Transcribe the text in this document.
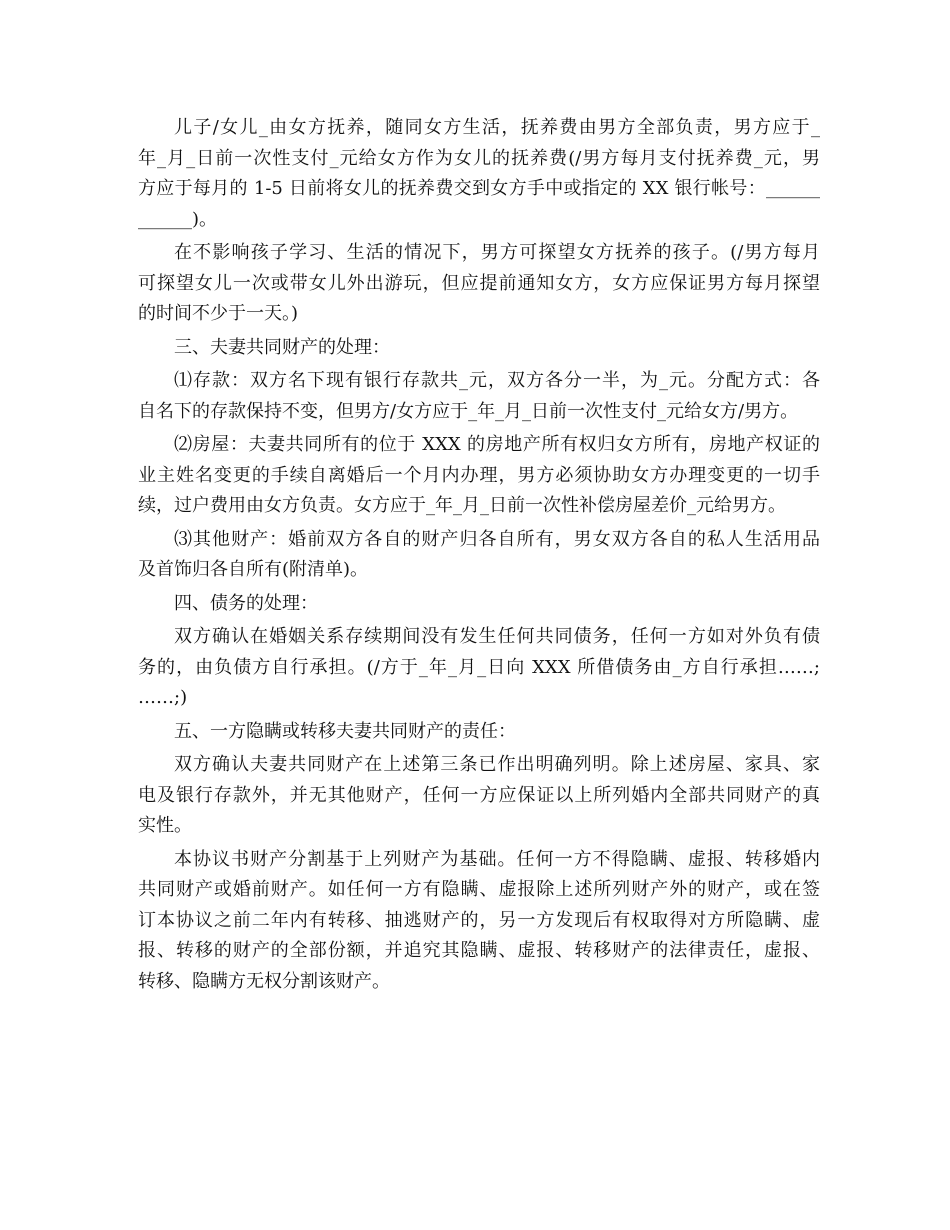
儿子/女儿_由女方抚养，随同女方生活，抚养费由男方全部负责，男方应于_
年_月_日前一次性支付_元给女方作为女儿的抚养费(/男方每月支付抚养费_元，男
方应于每月的 1-5 日前将女儿的抚养费交到女方手中或指定的 XX 银行帐号：______
______)。

在不影响孩子学习、生活的情况下，男方可探望女方抚养的孩子。(/男方每月
可探望女儿一次或带女儿外出游玩，但应提前通知女方，女方应保证男方每月探望
的时间不少于一天。)

三、夫妻共同财产的处理：

⑴存款：双方名下现有银行存款共_元，双方各分一半，为_元。分配方式：各
自名下的存款保持不变，但男方/女方应于_年_月_日前一次性支付_元给女方/男方。

⑵房屋：夫妻共同所有的位于 XXX 的房地产所有权归女方所有，房地产权证的
业主姓名变更的手续自离婚后一个月内办理，男方必须协助女方办理变更的一切手
续，过户费用由女方负责。女方应于_年_月_日前一次性补偿房屋差价_元给男方。

⑶其他财产：婚前双方各自的财产归各自所有，男女双方各自的私人生活用品
及首饰归各自所有(附清单)。

四、债务的处理：

双方确认在婚姻关系存续期间没有发生任何共同债务，任何一方如对外负有债
务的，由负债方自行承担。(/方于_年_月_日向 XXX 所借债务由_方自行承担……;
……;)

五、一方隐瞒或转移夫妻共同财产的责任：

双方确认夫妻共同财产在上述第三条已作出明确列明。除上述房屋、家具、家
电及银行存款外，并无其他财产，任何一方应保证以上所列婚内全部共同财产的真
实性。

本协议书财产分割基于上列财产为基础。任何一方不得隐瞒、虚报、转移婚内
共同财产或婚前财产。如任何一方有隐瞒、虚报除上述所列财产外的财产，或在签
订本协议之前二年内有转移、抽逃财产的，另一方发现后有权取得对方所隐瞒、虚
报、转移的财产的全部份额，并追究其隐瞒、虚报、转移财产的法律责任，虚报、
转移、隐瞒方无权分割该财产。
